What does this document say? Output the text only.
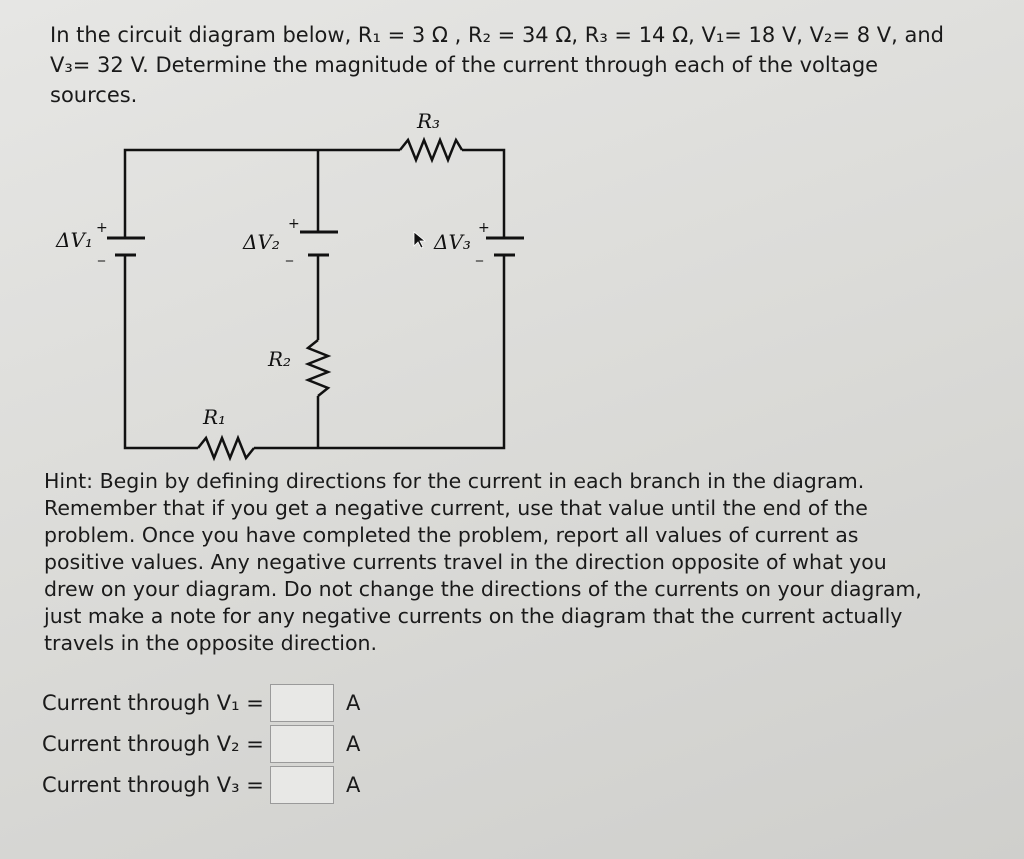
In the circuit diagram below, R₁ = 3 Ω , R₂ = 34 Ω, R₃ = 14 Ω, V₁= 18 V, V₂= 8 V, and
V₃= 32 V. Determine the magnitude of the current through each of the voltage
sources.
R₃
R₂
R₁
ΔV₁	ΔV₂	ΔV₃
+
_
+
_
+
_
Hint: Begin by defining directions for the current in each branch in the diagram.
Remember that if you get a negative current, use that value until the end of the
problem. Once you have completed the problem, report all values of current as
positive values. Any negative currents travel in the direction opposite of what you
drew on your diagram. Do not change the directions of the currents on your diagram,
just make a note for any negative currents on the diagram that the current actually
travels in the opposite direction.
Current through V₁ =	A
Current through V₂ =	A
Current through V₃ =	A
